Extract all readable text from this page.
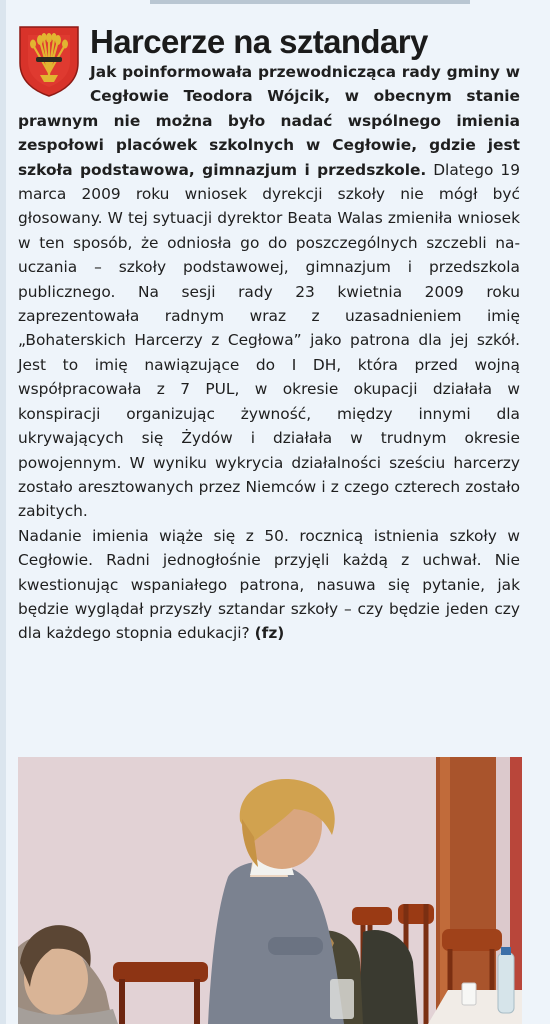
Harcerze na sztandary

Jak poinformowała przewodnicząca rady gminy w Cegłowie Teodora Wójcik, w obecnym stanie prawnym nie można było nadać wspólnego imienia zespołowi placówek szkolnych w Cegłowie, gdzie jest szkoła podstawowa, gimnazjum i przedszkole. Dlatego 19 marca 2009 roku wniosek dyrekcji szkoły nie mógł być głosowany. W tej sytuacji dyrektor Beata Walas zmieniła wniosek w ten sposób, że odniosła go do poszczególnych szczebli nauczania – szkoły podstawowej, gimnazjum i przedszkola publicznego. Na sesji rady 23 kwietnia 2009 roku zaprezentowała radnym wraz z uzasadnieniem imię „Bohaterskich Harcerzy z Cegłowa” jako patrona dla jej szkół. Jest to imię nawiązujące do I DH, która przed wojną współpracowała z 7 PUL, w okresie okupacji działała w konspiracji organizując żywność, między innymi dla ukrywających się Żydów i działała w trudnym okresie powojennym. W wyniku wykrycia działalności sześciu harcerzy zostało aresztowanych przez Niemców i z czego czterech zostało zabitych.

Nadanie imienia wiąże się z 50. rocznicą istnienia szkoły w Cegłowie. Radni jednogłośnie przyjęli każdą z uchwał. Nie kwestionując wspaniałego patrona, nasuwa się pytanie, jak będzie wyglądał przyszły sztandar szkoły – czy będzie jeden czy dla każdego stopnia edukacji? (fz)
